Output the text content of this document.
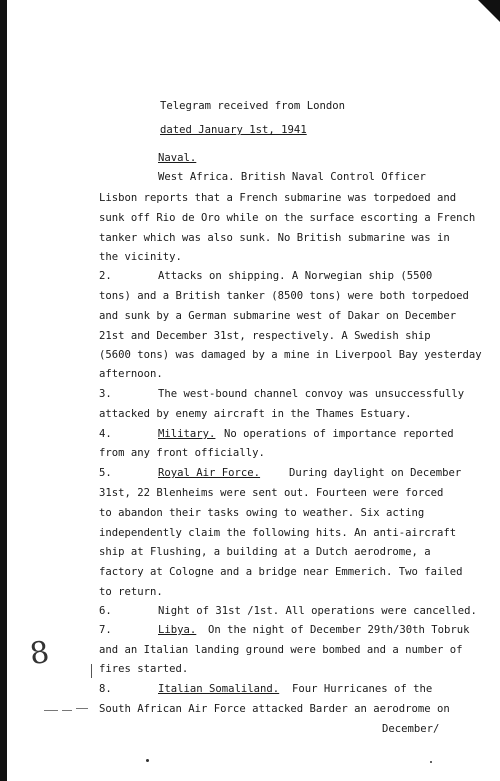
Telegram received from London
dated January 1st, 1941
Naval.
West Africa. British Naval Control Officer
Lisbon reports that a French submarine was torpedoed and
sunk off Rio de Oro while on the surface escorting a French
tanker which was also sunk. No British submarine was in
the vicinity.
2.	Attacks on shipping. A Norwegian ship (5500
tons) and a British tanker (8500 tons) were both torpedoed
and sunk by a German submarine west of Dakar on December
21st and December 31st, respectively. A Swedish ship
(5600 tons) was damaged by a mine in Liverpool Bay yesterday
afternoon.
3.	The west-bound channel convoy was unsuccessfully
attacked by enemy aircraft in the Thames Estuary.
4.	Military. No operations of importance reported
from any front officially.
5.	Royal Air Force.	During daylight on December
31st, 22 Blenheims were sent out. Fourteen were forced
to abandon their tasks owing to weather. Six acting
independently claim the following hits. An anti-aircraft
ship at Flushing, a building at a Dutch aerodrome, a
factory at Cologne and a bridge near Emmerich. Two failed
to return.
6.	Night of 31st /1st. All operations were cancelled.
7.	Libya. On the night of December 29th/30th Tobruk
and an Italian landing ground were bombed and a number of
fires started.
8.	Italian Somaliland. Four Hurricanes of the
South African Air Force attacked Barder an aerodrome on
December/
8
